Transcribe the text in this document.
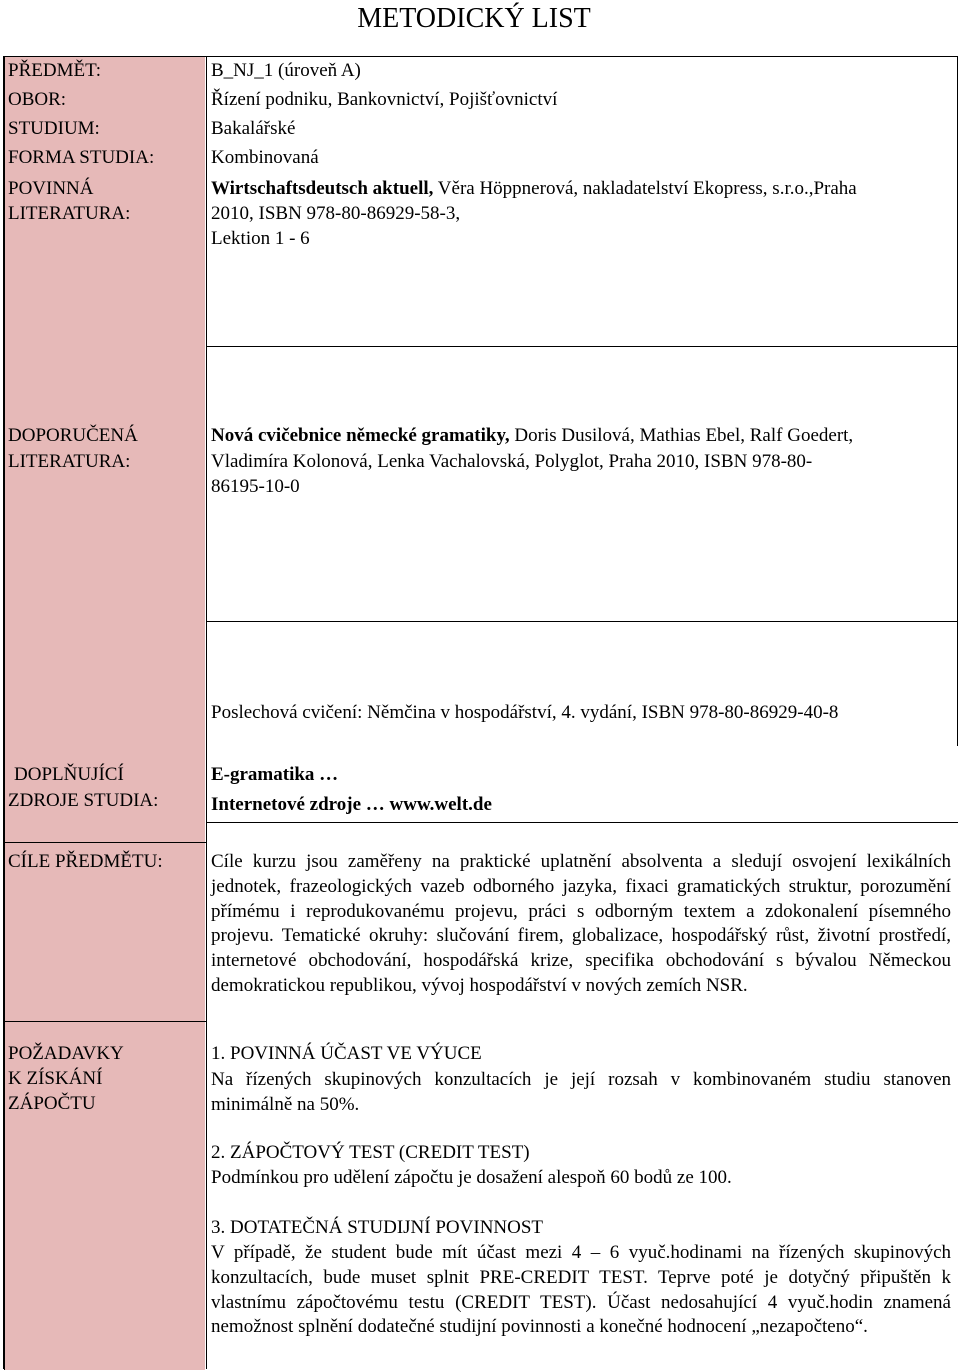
METODICKÝ LIST
PŘEDMĚT:
OBOR:
STUDIUM:
FORMA STUDIA:
POVINNÁ
LITERATURA:
DOPORUČENÁ
LITERATURA:
DOPLŇUJÍCÍ
ZDROJE STUDIA:
CÍLE PŘEDMĚTU:
POŽADAVKY
K ZÍSKÁNÍ
ZÁPOČTU
B_NJ_1 (úroveň A)
Řízení podniku, Bankovnictví, Pojišťovnictví
Bakalářské
Kombinovaná
Wirtschaftsdeutsch aktuell, Věra Höppnerová, nakladatelství Ekopress, s.r.o.,Praha
2010, ISBN 978-80-86929-58-3,
Lektion 1 - 6
Nová cvičebnice německé gramatiky, Doris Dusilová, Mathias Ebel, Ralf Goedert,
Vladimíra Kolonová, Lenka Vachalovská, Polyglot, Praha 2010, ISBN 978-80-
86195-10-0
Poslechová cvičení: Němčina v hospodářství, 4. vydání, ISBN 978-80-86929-40-8
E-gramatika …
Internetové zdroje … www.welt.de
Cíle kurzu jsou zaměřeny na praktické uplatnění absolventa a sledují osvojení lexikálních jednotek, frazeologických vazeb odborného jazyka, fixaci gramatických struktur, porozumění přímému i reprodukovanému projevu, práci s odborným textem a zdokonalení písemného projevu. Tematické okruhy: slučování firem, globalizace, hospodářský růst, životní prostředí, internetové obchodování, hospodářská krize, specifika obchodování s bývalou Německou demokratickou republikou, vývoj hospodářství v nových zemích NSR.
1. POVINNÁ ÚČAST VE VÝUCE
Na řízených skupinových konzultacích je její rozsah v kombinovaném studiu stanoven minimálně na 50%.
2. ZÁPOČTOVÝ TEST (CREDIT TEST)
Podmínkou pro udělení zápočtu je dosažení alespoň 60 bodů ze 100.
3. DOTATEČNÁ STUDIJNÍ POVINNOST
V případě, že student bude mít účast mezi 4 – 6 vyuč.hodinami na řízených skupinových konzultacích, bude muset splnit PRE-CREDIT TEST. Teprve poté je dotyčný připuštěn k vlastnímu zápočtovému testu (CREDIT TEST). Účast nedosahující 4 vyuč.hodin znamená nemožnost splnění dodatečné studijní povinnosti a konečné hodnocení „nezapočteno“.
